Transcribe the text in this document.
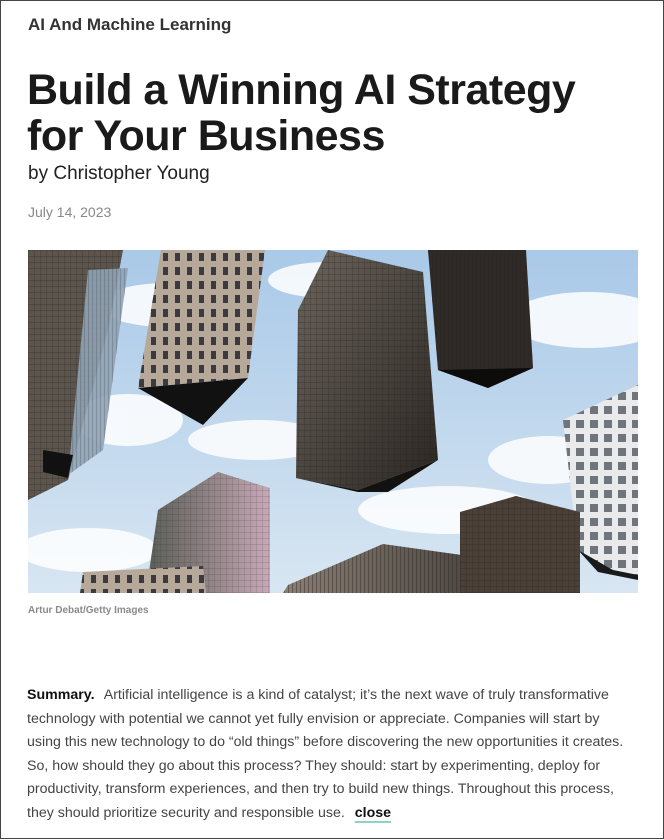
AI And Machine Learning
Build a Winning AI Strategy for Your Business
by Christopher Young
July 14, 2023
Artur Debat/Getty Images

Summary. Artificial intelligence is a kind of catalyst; it’s the next wave of truly transformative technology with potential we cannot yet fully envision or appreciate. Companies will start by using this new technology to do “old things” before discovering the new opportunities it creates. So, how should they go about this process? They should: start by experimenting, deploy for productivity, transform experiences, and then try to build new things. Throughout this process, they should prioritize security and responsible use. close
